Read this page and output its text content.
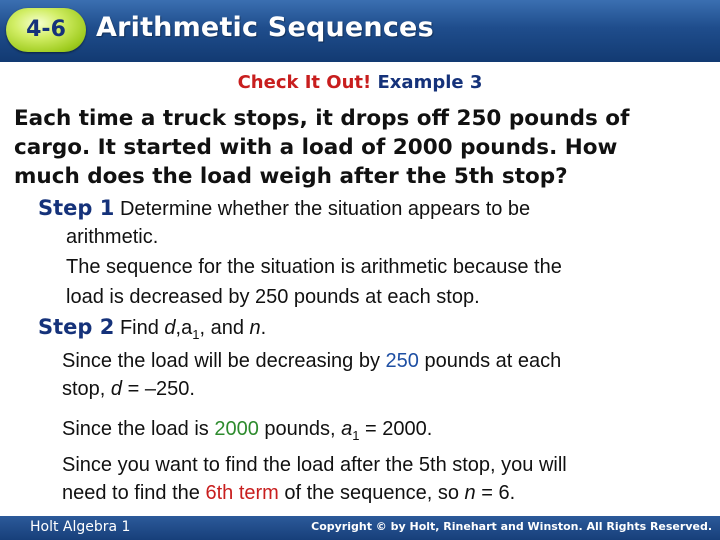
4-6	Arithmetic Sequences
Check It Out! Example 3
Each time a truck stops, it drops off 250 pounds of
cargo. It started with a load of 2000 pounds. How
much does the load weigh after the 5th stop?
Step 1 Determine whether the situation appears to be
arithmetic.
The sequence for the situation is arithmetic because the
load is decreased by 250 pounds at each stop.
Step 2 Find $d,a_1$, and n.
Since the load will be decreasing by 250 pounds at each
stop, d = –250.
Since the load is 2000 pounds, $a_1 = 2000$.
Since you want to find the load after the 5th stop, you will
need to find the 6th term of the sequence, so n = 6.
Holt Algebra 1	Copyright © by Holt, Rinehart and Winston. All Rights Reserved.
